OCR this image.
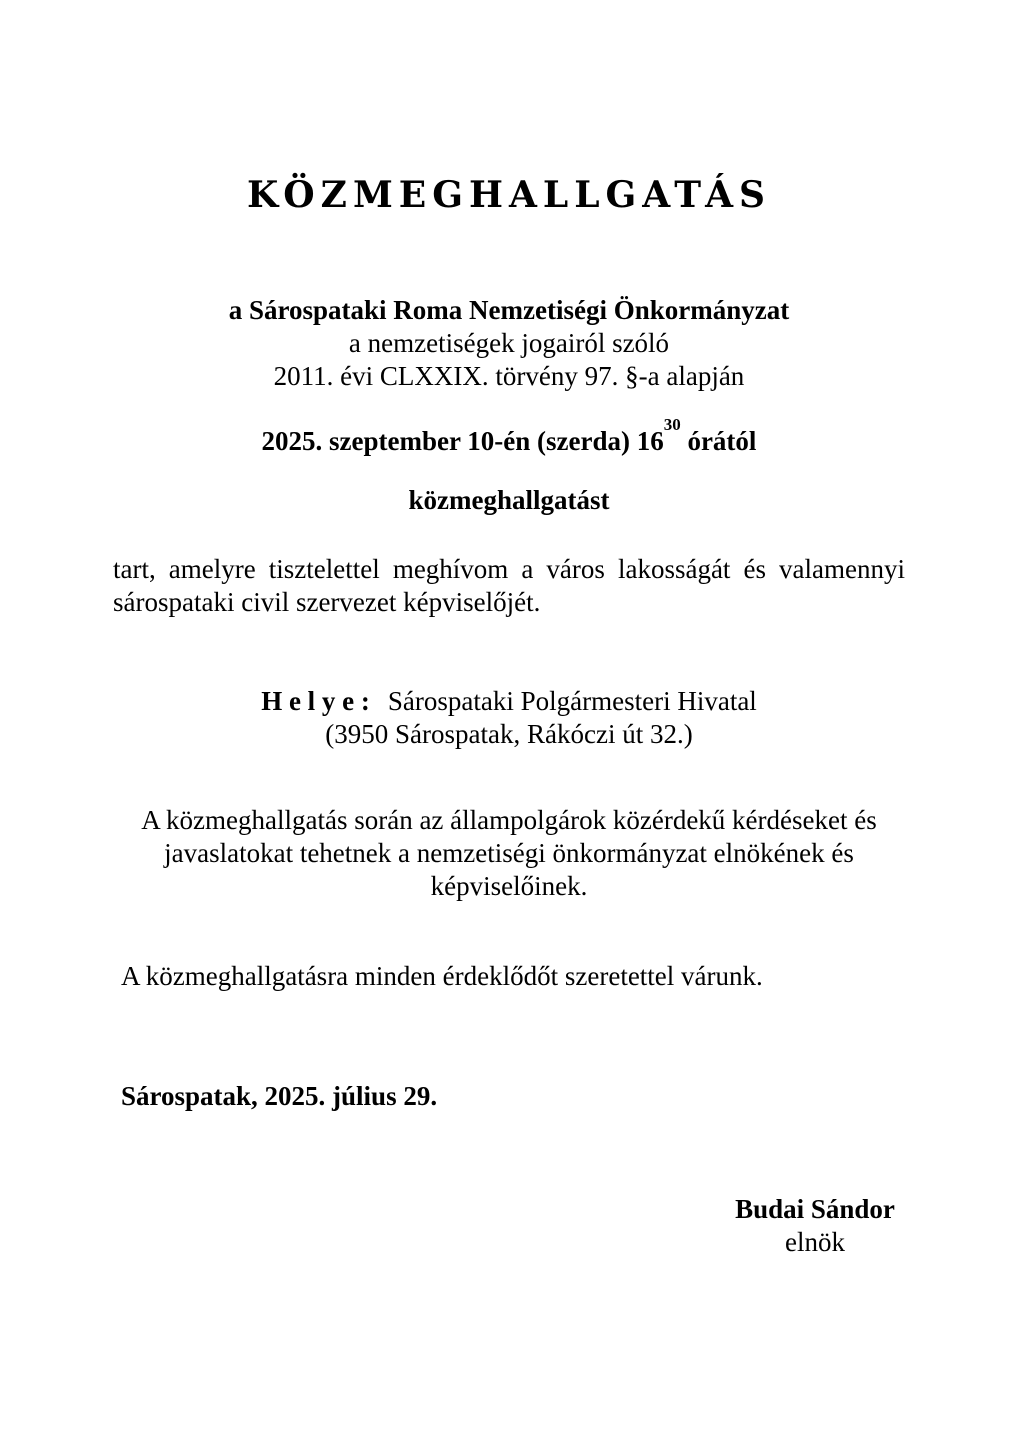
KÖZMEGHALLGATÁS

a Sárospataki Roma Nemzetiségi Önkormányzat

a nemzetiségek jogairól szóló

2011. évi CLXXIX. törvény 97. §-a alapján

2025. szeptember 10-én (szerda) $16^{30}$ órától

közmeghallgatást

tart, amelyre tisztelettel meghívom a város lakosságát és valamennyi sárospataki civil szervezet képviselőjét.

H e l y e : Sárospataki Polgármesteri Hivatal

(3950 Sárospatak, Rákóczi út 32.)

A közmeghallgatás során az állampolgárok közérdekű kérdéseket és javaslatokat tehetnek a nemzetiségi önkormányzat elnökének és képviselőinek.

A közmeghallgatásra minden érdeklődőt szeretettel várunk.

Sárospatak, 2025. július 29.

Budai Sándor

elnök
